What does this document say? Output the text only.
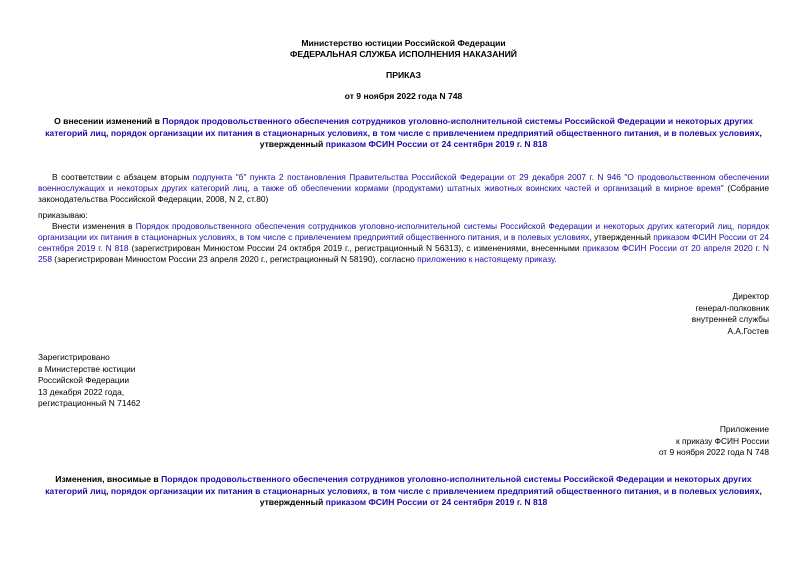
Министерство юстиции Российской Федерации
ФЕДЕРАЛЬНАЯ СЛУЖБА ИСПОЛНЕНИЯ НАКАЗАНИЙ
ПРИКАЗ
от 9 ноября 2022 года N 748
О внесении изменений в Порядок продовольственного обеспечения сотрудников уголовно-исполнительной системы Российской Федерации и некоторых других категорий лиц, порядок организации их питания в стационарных условиях, в том числе с привлечением предприятий общественного питания, и в полевых условиях, утвержденный приказом ФСИН России от 24 сентября 2019 г. N 818
В соответствии с абзацем вторым подпункта "б" пункта 2 постановления Правительства Российской Федерации от 29 декабря 2007 г. N 946 "О продовольственном обеспечении военнослужащих и некоторых других категорий лиц, а также об обеспечении кормами (продуктами) штатных животных воинских частей и организаций в мирное время" (Собрание законодательства Российской Федерации, 2008, N 2, ст.80)
приказываю:
Внести изменения в Порядок продовольственного обеспечения сотрудников уголовно-исполнительной системы Российской Федерации и некоторых других категорий лиц, порядок организации их питания в стационарных условиях, в том числе с привлечением предприятий общественного питания, и в полевых условиях, утвержденный приказом ФСИН России от 24 сентября 2019 г. N 818 (зарегистрирован Минюстом России 24 октября 2019 г., регистрационный N 56313), с изменениями, внесенными приказом ФСИН России от 20 апреля 2020 г. N 258 (зарегистрирован Минюстом России 23 апреля 2020 г., регистрационный N 58190), согласно приложению к настоящему приказу.
Директор
генерал-полковник
внутренней службы
А.А.Гостев
Зарегистрировано
в Министерстве юстиции
Российской Федерации
13 декабря 2022 года,
регистрационный N 71462
Приложение
к приказу ФСИН России
от 9 ноября 2022 года N 748
Изменения, вносимые в Порядок продовольственного обеспечения сотрудников уголовно-исполнительной системы Российской Федерации и некоторых других категорий лиц, порядок организации их питания в стационарных условиях, в том числе с привлечением предприятий общественного питания, и в полевых условиях, утвержденный приказом ФСИН России от 24 сентября 2019 г. N 818
